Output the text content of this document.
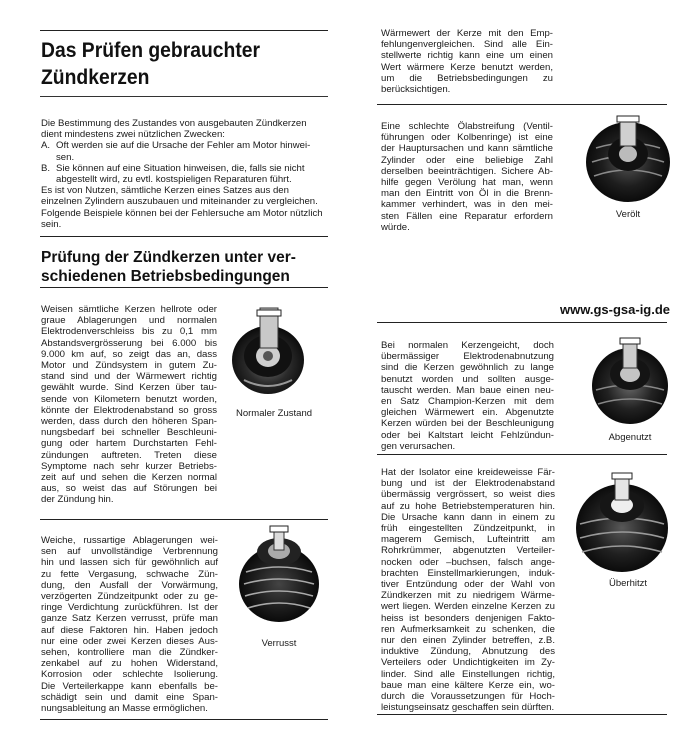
Das Prüfen gebrauchter
Zündkerzen
Die Bestimmung des Zustandes von ausgebauten Zündkerzen
dient mindestens zwei nützlichen Zwecken:
A. Oft werden sie auf die Ursache der Fehler am Motor hinwei-
sen.
B. Sie können auf eine Situation hinweisen, die, falls sie nicht
abgestellt wird, zu evtl. kostspieligen Reparaturen führt.
Es ist von Nutzen, sämtliche Kerzen eines Satzes aus den
einzelnen Zylindern auszubauen und miteinander zu vergleichen.
Folgende Beispiele können bei der Fehlersuche am Motor nützlich
sein.
Prüfung der Zündkerzen unter ver-
schiedenen Betriebsbedingungen
www.gs-gsa-ig.de
Wärmewert der Kerze mit den Emp-
fehlungenvergleichen. Sind alle Ein-
stellwerte richtig kann eine um einen
Wert wärmere Kerze benutzt werden,
um die Betriebsbedingungen zu
berücksichtigen.
Weisen sämtliche Kerzen hellrote oder
graue Ablagerungen und normalen
Elektrodenverschleiss bis zu 0,1 mm
Abstandsvergrösserung bei 6.000 bis
9.000 km auf, so zeigt das an, dass
Motor und Zündsystem in gutem Zu-
stand sind und der Wärmewert richtig
gewählt wurde. Sind Kerzen über tau-
sende von Kilometern benutzt worden,
könnte der Elektrodenabstand so gross
werden, dass durch den höheren Span-
nungsbedarf bei schneller Beschleuni-
gung oder hartem Durchstarten Fehl-
zündungen auftreten. Treten diese
Symptome nach sehr kurzer Betriebs-
zeit auf und sehen die Kerzen normal
aus, so weist das auf Störungen bei
der Zündung hin.
Weiche, russartige Ablagerungen wei-
sen auf unvollständige Verbrennung
hin und lassen sich für gewöhnlich auf
zu fette Vergasung, schwache Zün-
dung, den Ausfall der Vorwärmung,
verzögerten Zündzeitpunkt oder zu ge-
ringe Verdichtung zurückführen. Ist der
ganze Satz Kerzen verrusst, prüfe man
auf diese Faktoren hin. Haben jedoch
nur eine oder zwei Kerzen dieses Aus-
sehen, kontrolliere man die Zündker-
zenkabel auf zu hohen Widerstand,
Korrosion oder schlechte Isolierung.
Die Verteilerkappe kann ebenfalls be-
schädigt sein und damit eine Span-
nungsableitung an Masse ermöglichen.
Eine schlechte Ölabstreifung (Ventil-
führungen oder Kolbenringe) ist eine
der Hauptursachen und kann sämtliche
Zylinder oder eine beliebige Zahl
derselben beeinträchtigen. Sichere Ab-
hilfe gegen Verölung hat man, wenn
man den Eintritt von Öl in die Brenn-
kammer verhindert, was in den mei-
sten Fällen eine Reparatur erfordern
würde.
Bei normalen Kerzengeicht, doch
übermässiger Elektrodenabnutzung
sind die Kerzen gewöhnlich zu lange
benutzt worden und sollten ausge-
tauscht werden. Man baue einen neu-
en Satz Champion-Kerzen mit dem
gleichen Wärmewert ein. Abgenutzte
Kerzen würden bei der Beschleunigung
oder bei Kaltstart leicht Fehlzündun-
gen verursachen.
Hat der Isolator eine kreideweisse Fär-
bung und ist der Elektrodenabstand
übermässig vergrössert, so weist dies
auf zu hohe Betriebstemperaturen hin.
Die Ursache kann dann in einem zu
früh eingestellten Zündzeitpunkt, in
magerem Gemisch, Lufteintritt am
Rohrkrümmer, abgenutzten Verteiler-
nocken oder –buchsen, falsch ange-
brachten Einstellmarkierungen, induk-
tiver Entzündung oder der Wahl von
Zündkerzen mit zu niedrigem Wärme-
wert liegen. Werden einzelne Kerzen zu
heiss ist besonders denjenigen Fakto-
ren Aufmerksamkeit zu schenken, die
nur den einen Zylinder betreffen, z.B.
induktive Zündung, Abnutzung des
Verteilers oder Undichtigkeiten im Zy-
linder. Sind alle Einstellungen richtig,
baue man eine kältere Kerze ein, wo-
durch die Voraussetzungen für Hoch-
leistungseinsatz geschaffen sein dürften.
Normaler Zustand
Verrusst
Verölt
Abgenutzt
Überhitzt
